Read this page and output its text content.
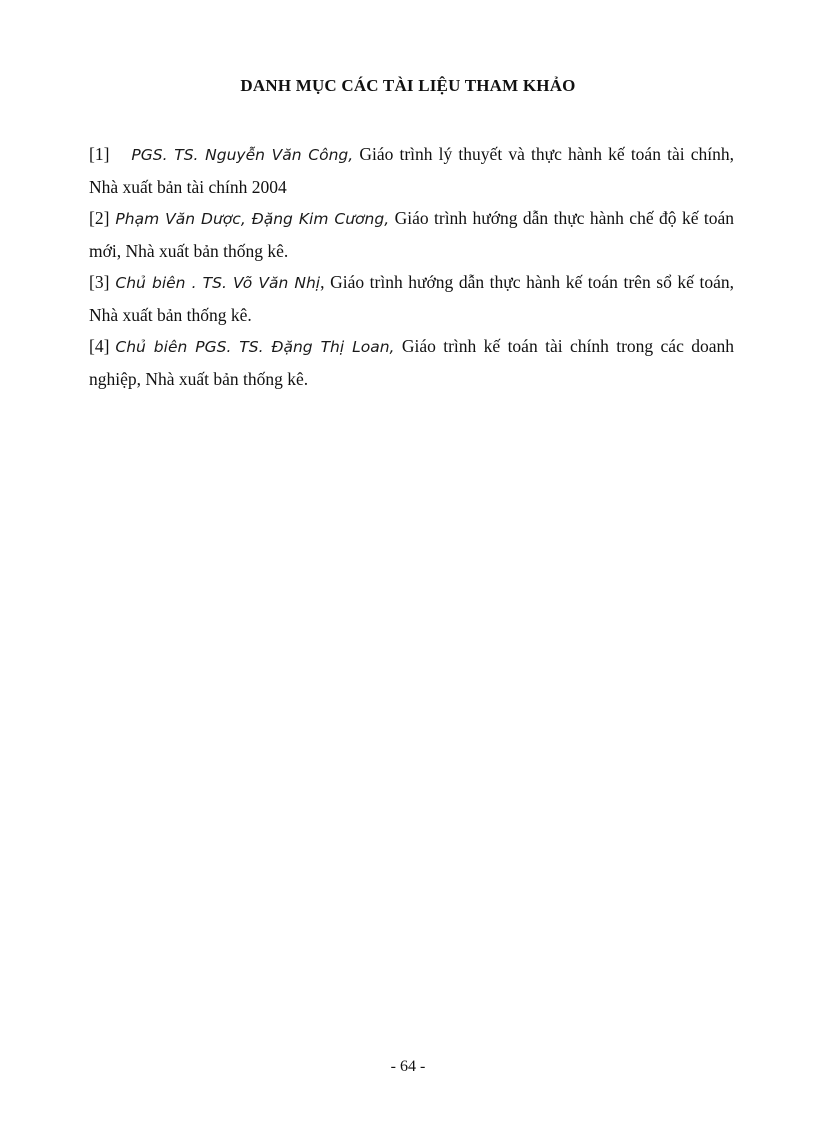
DANH MỤC CÁC TÀI LIỆU THAM KHẢO

[1] PGS. TS. Nguyễn Văn Công, Giáo trình lý thuyết và thực hành kế toán tài chính, Nhà xuất bản tài chính 2004

[2] Phạm Văn Dược, Đặng Kim Cương, Giáo trình hướng dẫn thực hành chế độ kế toán mới, Nhà xuất bản thống kê.

[3] Chủ biên . TS. Võ Văn Nhị, Giáo trình hướng dẫn thực hành kế toán trên sổ kế toán, Nhà xuất bản thống kê.

[4] Chủ biên PGS. TS. Đặng Thị Loan, Giáo trình kế toán tài chính trong các doanh nghiệp, Nhà xuất bản thống kê.

- 64 -
